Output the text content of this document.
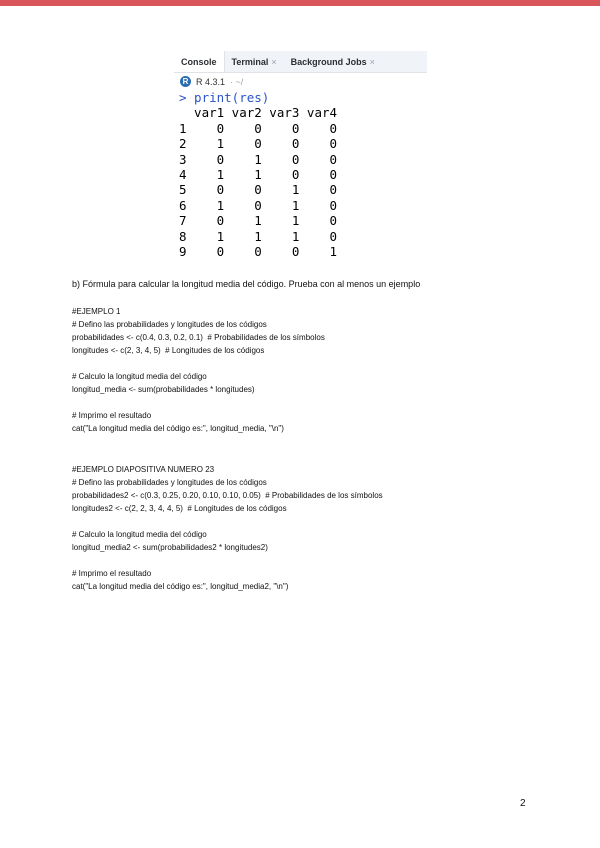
Console Terminal × Background Jobs ×
R R 4.3.1 · ~/
> print(res)
var1 var2 var3 var4
1    0    0    0    0
2    1    0    0    0
3    0    1    0    0
4    1    1    0    0
5    0    0    1    0
6    1    0    1    0
7    0    1    1    0
8    1    1    1    0
9    0    0    0    1
b) Fórmula para calcular la longitud media del código. Prueba con al menos un ejemplo
#EJEMPLO 1
# Defino las probabilidades y longitudes de los códigos
probabilidades <- c(0.4, 0.3, 0.2, 0.1)  # Probabilidades de los símbolos
longitudes <- c(2, 3, 4, 5)  # Longitudes de los códigos
# Calculo la longitud media del código
longitud_media <- sum(probabilidades * longitudes)
# Imprimo el resultado
cat("La longitud media del código es:", longitud_media, "\n")
#EJEMPLO DIAPOSITIVA NUMERO 23
# Defino las probabilidades y longitudes de los códigos
probabilidades2 <- c(0.3, 0.25, 0.20, 0.10, 0.10, 0.05)  # Probabilidades de los símbolos
longitudes2 <- c(2, 2, 3, 4, 4, 5)  # Longitudes de los códigos
# Calculo la longitud media del código
longitud_media2 <- sum(probabilidades2 * longitudes2)
# Imprimo el resultado
cat("La longitud media del código es:", longitud_media2, "\n")
2
